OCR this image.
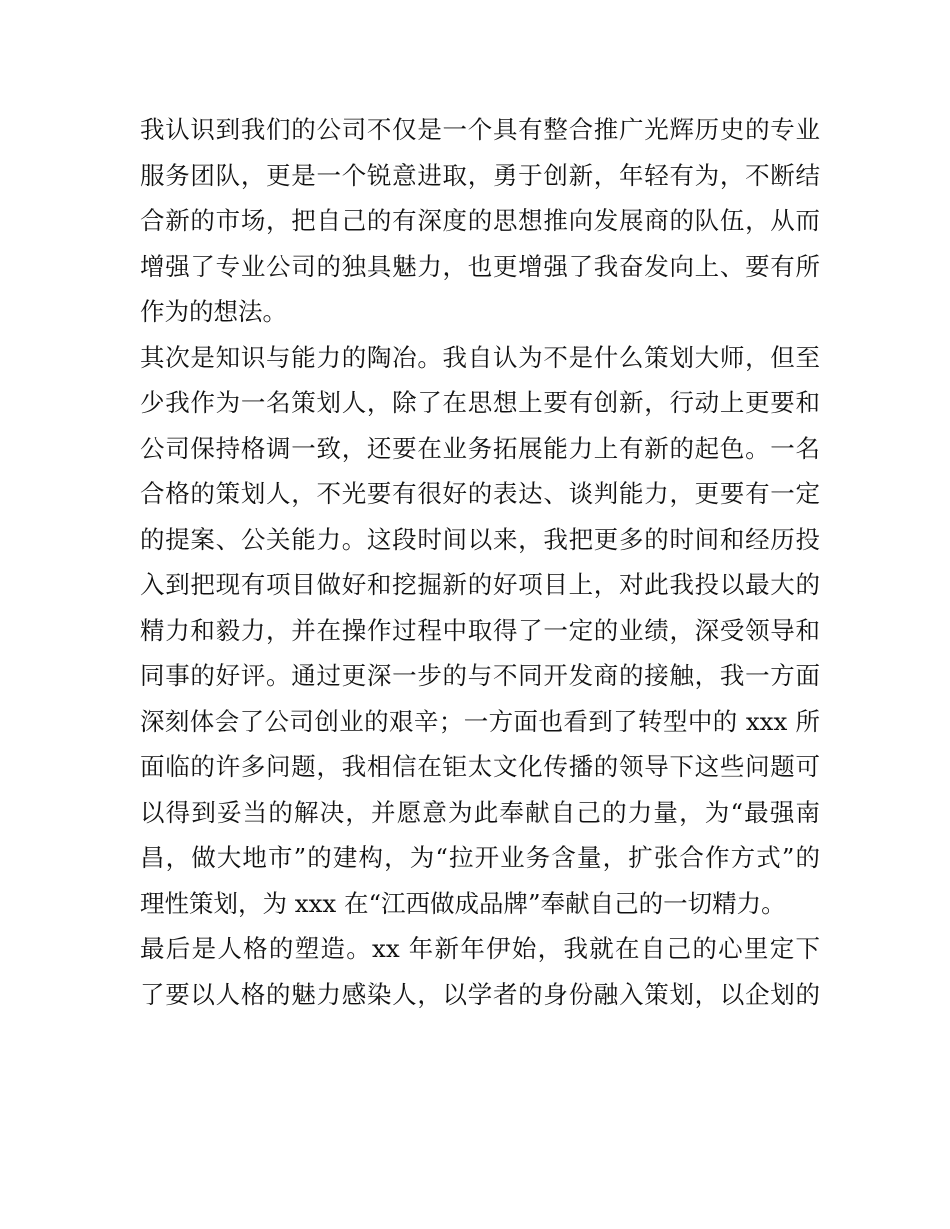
我认识到我们的公司不仅是一个具有整合推广光辉历史的专业
服务团队，更是一个锐意进取，勇于创新，年轻有为，不断结
合新的市场，把自己的有深度的思想推向发展商的队伍，从而
增强了专业公司的独具魅力，也更增强了我奋发向上、要有所
作为的想法。
其次是知识与能力的陶冶。我自认为不是什么策划大师，但至
少我作为一名策划人，除了在思想上要有创新，行动上更要和
公司保持格调一致，还要在业务拓展能力上有新的起色。一名
合格的策划人，不光要有很好的表达、谈判能力，更要有一定
的提案、公关能力。这段时间以来，我把更多的时间和经历投
入到把现有项目做好和挖掘新的好项目上，对此我投以最大的
精力和毅力，并在操作过程中取得了一定的业绩，深受领导和
同事的好评。通过更深一步的与不同开发商的接触，我一方面
深刻体会了公司创业的艰辛；一方面也看到了转型中的 xxx 所
面临的许多问题，我相信在钜太文化传播的领导下这些问题可
以得到妥当的解决，并愿意为此奉献自己的力量，为“最强南
昌，做大地市”的建构，为“拉开业务含量，扩张合作方式”的
理性策划，为 xxx 在“江西做成品牌”奉献自己的一切精力。
最后是人格的塑造。xx 年新年伊始，我就在自己的心里定下
了要以人格的魅力感染人，以学者的身份融入策划，以企划的
